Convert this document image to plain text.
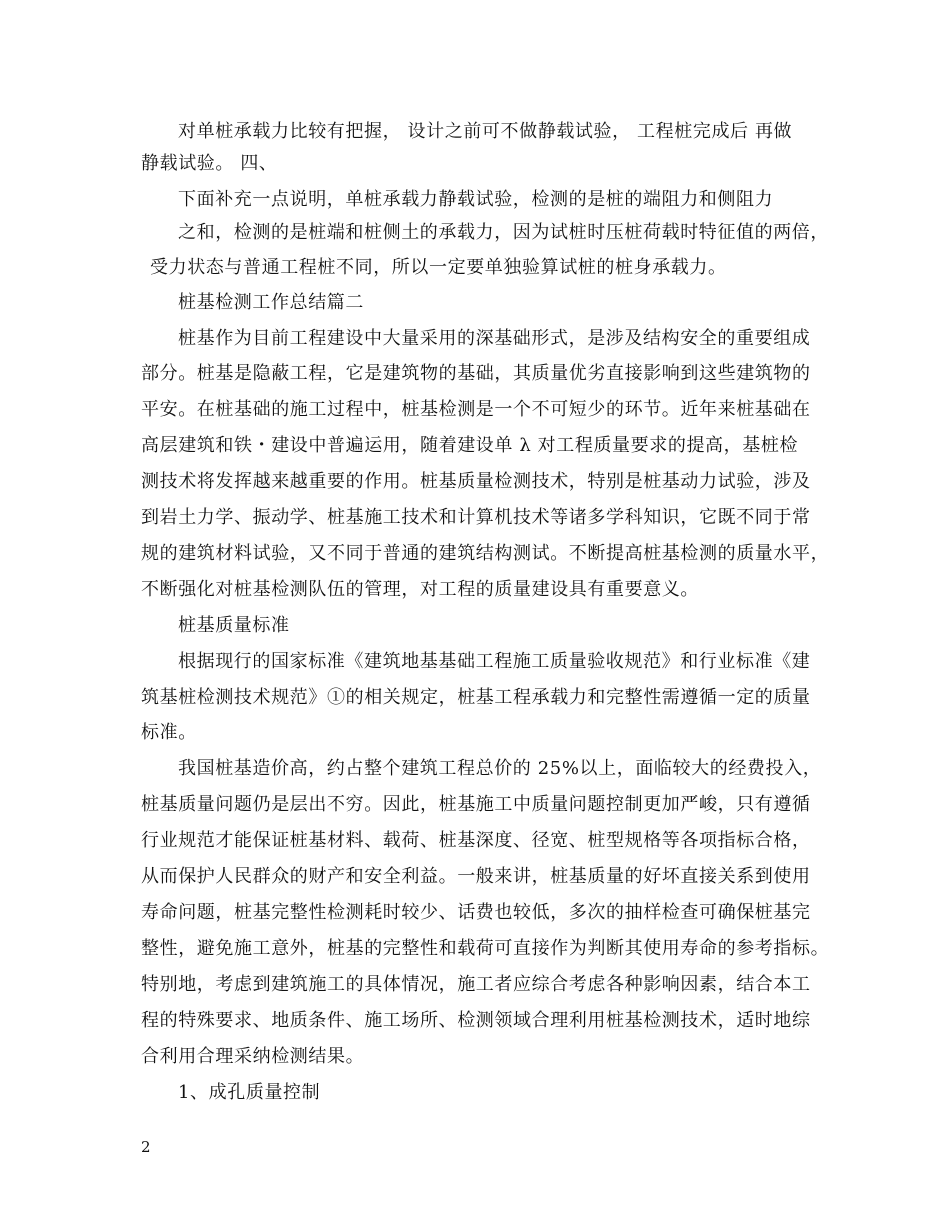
对单桩承载力比较有把握， 设计之前可不做静载试验， 工程桩完成后 再做
静载试验。 四、
下面补充一点说明，单桩承载力静载试验，检测的是桩的端阻力和侧阻力
之和，检测的是桩端和桩侧土的承载力，因为试桩时压桩荷载时特征值的两倍，
受力状态与普通工程桩不同，所以一定要单独验算试桩的桩身承载力。
桩基检测工作总结篇二
桩基作为目前工程建设中大量采用的深基础形式，是涉及结构安全的重要组成
部分。桩基是隐蔽工程，它是建筑物的基础，其质量优劣直接影响到这些建筑物的
平安。在桩基础的施工过程中，桩基检测是一个不可短少的环节。近年来桩基础在
高层建筑和铁・建设中普遍运用，随着建设单 λ 对工程质量要求的提高，基桩检
测技术将发挥越来越重要的作用。桩基质量检测技术，特别是桩基动力试验，涉及
到岩土力学、振动学、桩基施工技术和计算机技术等诸多学科知识，它既不同于常
规的建筑材料试验，又不同于普通的建筑结构测试。不断提高桩基检测的质量水平，
不断强化对桩基检测队伍的管理，对工程的质量建设具有重要意义。
桩基质量标准
根据现行的国家标准《建筑地基基础工程施工质量验收规范》和行业标准《建
筑基桩检测技术规范》①的相关规定，桩基工程承载力和完整性需遵循一定的质量
标准。
我国桩基造价高，约占整个建筑工程总价的 25%以上，面临较大的经费投入，
桩基质量问题仍是层出不穷。因此，桩基施工中质量问题控制更加严峻，只有遵循
行业规范才能保证桩基材料、载荷、桩基深度、径宽、桩型规格等各项指标合格，
从而保护人民群众的财产和安全利益。一般来讲，桩基质量的好坏直接关系到使用
寿命问题，桩基完整性检测耗时较少、话费也较低，多次的抽样检查可确保桩基完
整性，避免施工意外，桩基的完整性和载荷可直接作为判断其使用寿命的参考指标。
特别地，考虑到建筑施工的具体情况，施工者应综合考虑各种影响因素，结合本工
程的特殊要求、地质条件、施工场所、检测领域合理利用桩基检测技术，适时地综
合利用合理采纳检测结果。
1、成孔质量控制
2
